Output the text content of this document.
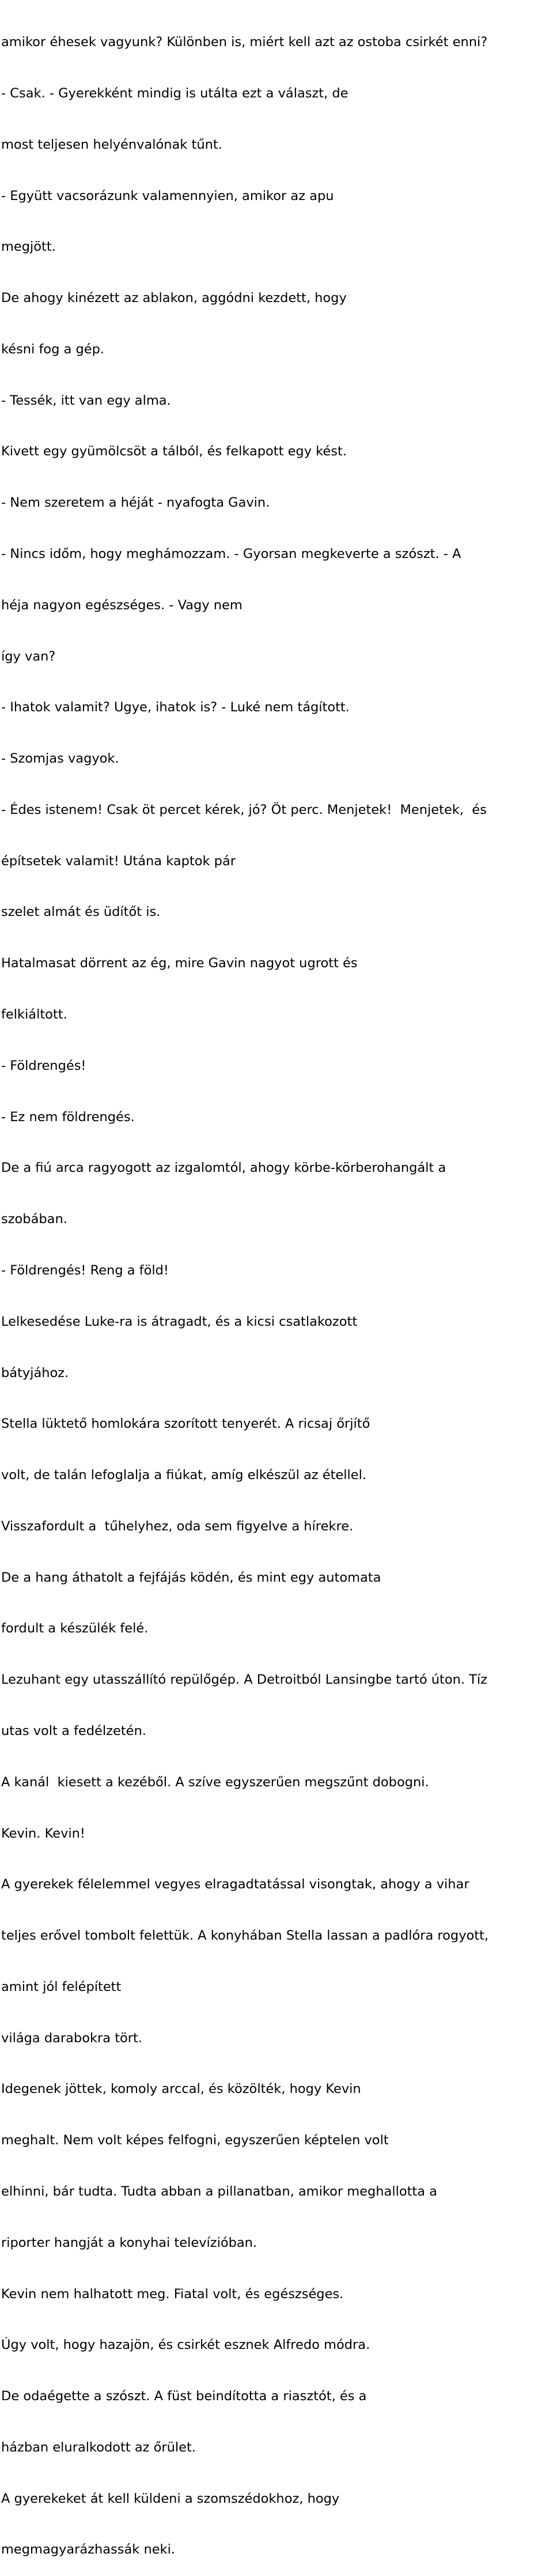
amikor éhesek vagyunk? Különben is, miért kell azt az ostoba csirkét enni?

- Csak. - Gyerekként mindig is utálta ezt a választ, de

most teljesen helyénvalónak tűnt.

- Együtt vacsorázunk valamennyien, amikor az apu

megjött.

De ahogy kinézett az ablakon, aggódni kezdett, hogy

késni fog a gép.

- Tessék, itt van egy alma.

Kivett egy gyümölcsöt a tálból, és felkapott egy kést.

- Nem szeretem a héját - nyafogta Gavin.

- Nincs időm, hogy meghámozzam. - Gyorsan megkeverte a szószt. - A

héja nagyon egészséges. - Vagy nem

így van?

- Ihatok valamit? Ugye, ihatok is? - Luké nem tágított.

- Szomjas vagyok.

- Édes istenem! Csak öt percet kérek, jó? Öt perc. Menjetek!  Menjetek,  és

építsetek valamit! Utána kaptok pár

szelet almát és üdítőt is.

Hatalmasat dörrent az ég, mire Gavin nagyot ugrott és

felkiáltott.

- Földrengés!

- Ez nem földrengés.

De a fiú arca ragyogott az izgalomtól, ahogy körbe-körberohangált a

szobában.

- Földrengés! Reng a föld!

Lelkesedése Luke-ra is átragadt, és a kicsi csatlakozott

bátyjához.

Stella lüktető homlokára szorított tenyerét. A ricsaj őrjítő

volt, de talán lefoglalja a fiúkat, amíg elkészül az étellel.

Visszafordult a  tűhelyhez, oda sem figyelve a hírekre.

De a hang áthatolt a fejfájás ködén, és mint egy automata

fordult a készülék felé.

Lezuhant egy utasszállító repülőgép. A Detroitból Lansingbe tartó úton. Tíz

utas volt a fedélzetén.

A kanál  kiesett a kezéből. A szíve egyszerűen megszűnt dobogni.

Kevin. Kevin!

A gyerekek félelemmel vegyes elragadtatással visongtak, ahogy a vihar

teljes erővel tombolt felettük. A konyhában Stella lassan a padlóra rogyott,

amint jól felépített

világa darabokra tört.

Idegenek jöttek, komoly arccal, és közölték, hogy Kevin

meghalt. Nem volt képes felfogni, egyszerűen képtelen volt

elhinni, bár tudta. Tudta abban a pillanatban, amikor meghallotta a

riporter hangját a konyhai televízióban.

Kevin nem halhatott meg. Fiatal volt, és egészséges.

Úgy volt, hogy hazajön, és csirkét esznek Alfredo módra.

De odaégette a szószt. A füst beindította a riasztót, és a

házban eluralkodott az őrület.

A gyerekeket át kell küldeni a szomszédokhoz, hogy

megmagyarázhassák neki.
